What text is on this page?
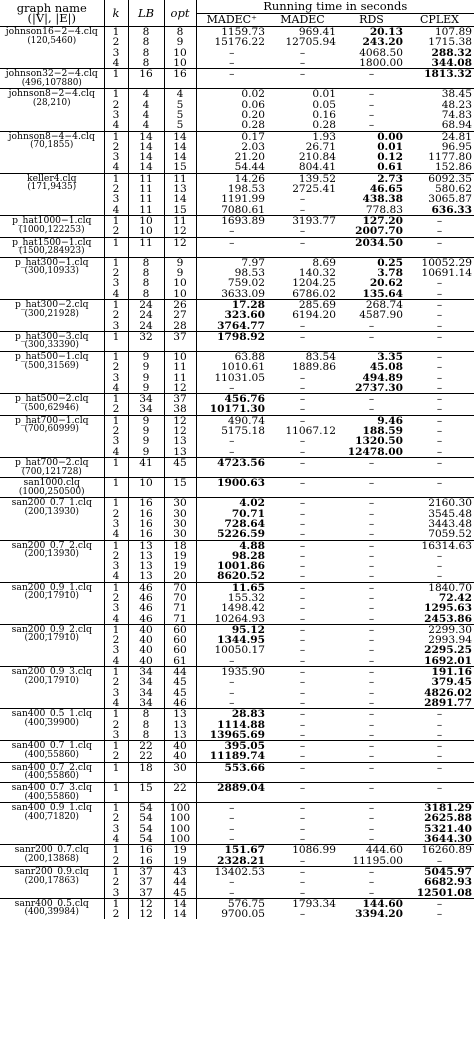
graph name
(|V|, |E|)	k	LB	opt	Running time in seconds			
				MADEC⁺	MADEC	RDS	CPLEX
johnson16−2−4.clq
(120,5460)	1	8	8	1159.73	969.41	20.13	107.89
	2	8	9	15176.22	12705.94	243.20	1715.38
	3	8	10	–	–	4068.50	288.32
	4	8	10	–	–	1800.00	344.08
johnson32−2−4.clq
(496,107880)	1	16	16	–	–	–	1813.32
johnson8−2−4.clq
(28,210)	1	4	4	0.02	0.01	–	38.45
	2	4	5	0.06	0.05	–	48.23
	3	4	5	0.20	0.16	–	74.83
	4	4	5	0.28	0.28	–	68.94
johnson8−4−4.clq
(70,1855)	1	14	14	0.17	1.93	0.00	24.81
	2	14	14	2.03	26.71	0.01	96.95
	3	14	14	21.20	210.84	0.12	1177.80
	4	14	15	54.44	804.41	0.61	152.86
keller4.clq
(171,9435)	1	11	11	14.26	139.52	2.73	6092.35
	2	11	13	198.53	2725.41	46.65	580.62
	3	11	14	1191.99	–	438.38	3065.87
	4	11	15	7080.61	–	778.83	636.33
p_hat1000−1.clq
(1000,122253)	1	10	11	1693.89	3193.77	127.20	–
	2	10	12	–	–	2007.70	–
p_hat1500−1.clq
(1500,284923)	1	11	12	–	–	2034.50	–
p_hat300−1.clq
(300,10933)	1	8	9	7.97	8.69	0.25	10052.29
	2	8	9	98.53	140.32	3.78	10691.14
	3	8	10	759.02	1204.25	20.62	–
	4	8	10	3633.09	6786.02	135.64	–
p_hat300−2.clq
(300,21928)	1	24	26	17.28	285.69	268.74	–
	2	24	27	323.60	6194.20	4587.90	–
	3	24	28	3764.77	–	–	–
p_hat300−3.clq
(300,33390)	1	32	37	1798.92	–	–	–
p_hat500−1.clq
(500,31569)	1	9	10	63.88	83.54	3.35	–
	2	9	11	1010.61	1889.86	45.08	–
	3	9	11	11031.05	–	494.89	–
	4	9	12	–	–	2737.30	–
p_hat500−2.clq
(500,62946)	1	34	37	456.76	–	–	–
	2	34	38	10171.30	–	–	–
p_hat700−1.clq
(700,60999)	1	9	12	490.74	–	9.46	–
	2	9	12	5175.18	11067.12	188.59	–
	3	9	13	–	–	1320.50	–
	4	9	13	–	–	12478.00	–
p_hat700−2.clq
(700,121728)	1	41	45	4723.56	–	–	–
san1000.clq
(1000,250500)	1	10	15	1900.63	–	–	–
san200_0.7_1.clq
(200,13930)	1	16	30	4.02	–	–	2160.30
	2	16	30	70.71	–	–	3545.48
	3	16	30	728.64	–	–	3443.48
	4	16	30	5226.59	–	–	7059.52
san200_0.7_2.clq
(200,13930)	1	13	18	4.88	–	–	16314.63
	2	13	19	98.28	–	–	–
	3	13	19	1001.86	–	–	–
	4	13	20	8620.52	–	–	–
san200_0.9_1.clq
(200,17910)	1	46	70	11.65	–	–	1840.70
	2	46	70	155.32	–	–	72.42
	3	46	71	1498.42	–	–	1295.63
	4	46	71	10264.93	–	–	2453.86
san200_0.9_2.clq
(200,17910)	1	40	60	95.12	–	–	2299.30
	2	40	60	1344.95	–	–	2993.94
	3	40	60	10050.17	–	–	2295.25
	4	40	61	–	–	–	1692.01
san200_0.9_3.clq
(200,17910)	1	34	44	1935.90	–	–	191.16
	2	34	45	–	–	–	379.45
	3	34	45	–	–	–	4826.02
	4	34	46	–	–	–	2891.77
san400_0.5_1.clq
(400,39900)	1	8	13	28.83	–	–	–
	2	8	13	1114.88	–	–	–
	3	8	13	13965.69	–	–	–
san400_0.7_1.clq
(400,55860)	1	22	40	395.05	–	–	–
	2	22	40	11189.74	–	–	–
san400_0.7_2.clq
(400,55860)	1	18	30	553.66	–	–	–
san400_0.7_3.clq
(400,55860)	1	15	22	2889.04	–	–	–
san400_0.9_1.clq
(400,71820)	1	54	100	–	–	–	3181.29
	2	54	100	–	–	–	2625.88
	3	54	100	–	–	–	5321.40
	4	54	100	–	–	–	3644.30
sanr200_0.7.clq
(200,13868)	1	16	19	151.67	1086.99	444.60	16260.89
	2	16	19	2328.21	–	11195.00	–
sanr200_0.9.clq
(200,17863)	1	37	43	13402.53	–	–	5045.97
	2	37	44	–	–	–	6682.93
	3	37	45	–	–	–	12501.08
sanr400_0.5.clq
(400,39984)	1	12	14	576.75	1793.34	144.60	–
	2	12	14	9700.05	–	3394.20	–
